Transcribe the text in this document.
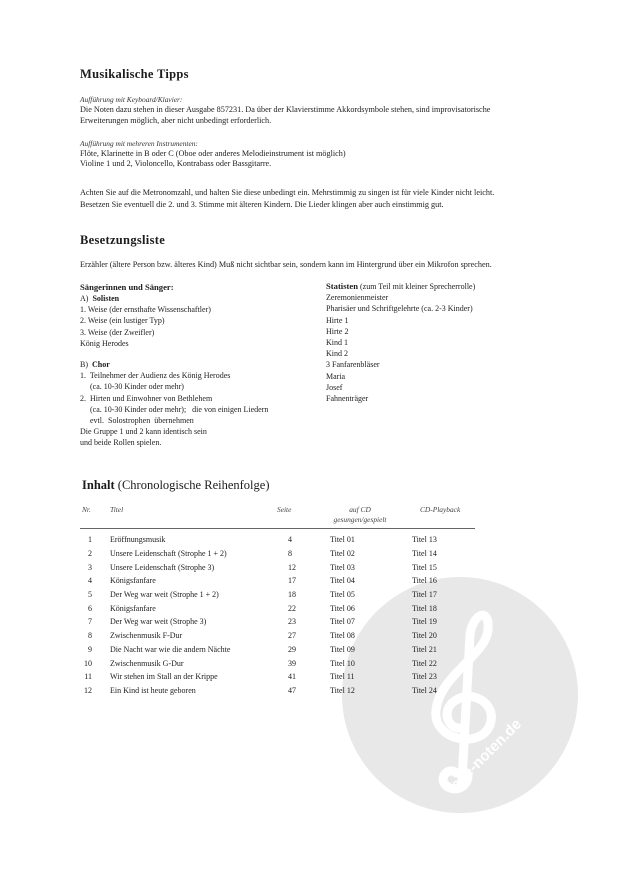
alle-noten.de
Musikalische Tipps
Aufführung mit Keyboard/Klavier:
Die Noten dazu stehen in dieser Ausgabe 857231. Da über der Klavierstimme Akkordsymbole stehen, sind improvisatorische
Erweiterungen möglich, aber nicht unbedingt erforderlich.
Aufführung mit mehreren Instrumenten:
Flöte, Klarinette in B oder C (Oboe oder anderes Melodieinstrument ist möglich)
Violine 1 und 2, Violoncello, Kontrabass oder Bassgitarre.
Achten Sie auf die Metronomzahl, und halten Sie diese unbedingt ein. Mehrstimmig zu singen ist für viele Kinder nicht leicht.
Besetzen Sie eventuell die 2. und 3. Stimme mit älteren Kindern. Die Lieder klingen aber auch einstimmig gut.
Besetzungsliste
Erzähler (ältere Person bzw. älteres Kind) Muß nicht sichtbar sein, sondern kann im Hintergrund über ein Mikrofon sprechen.
Sängerinnen und Sänger:
A) Solisten
1. Weise (der ernsthafte Wissenschaftler)
2. Weise (ein lustiger Typ)
3. Weise (der Zweifler)
König Herodes
B) Chor
1.  Teilnehmer der Audienz des König Herodes
(ca. 10-30 Kinder oder mehr)
2.  Hirten und Einwohner von Bethlehem
(ca. 10-30 Kinder oder mehr);   die von einigen Liedern
evtl.  Solostrophen  übernehmen
Die Gruppe 1 und 2 kann identisch sein
und beide Rollen spielen.
Statisten (zum Teil mit kleiner Sprecherrolle)
Zeremonienmeister
Pharisäer und Schriftgelehrte (ca. 2-3 Kinder)
Hirte 1
Hirte 2
Kind 1
Kind 2
3 Fanfarenbläser
Maria
Josef
Fahnenträger
Inhalt (Chronologische Reihenfolge)
Nr.	Titel	Seite	auf CD
gesungen/gespielt
CD-Playback
1	Eröffnungsmusik	4	Titel 01	Titel 13
2	Unsere Leidenschaft (Strophe 1 + 2)	8	Titel 02	Titel 14
3	Unsere Leidenschaft (Strophe 3)	12	Titel 03	Titel 15
4	Königsfanfare	17	Titel 04	Titel 16
5	Der Weg war weit (Strophe 1 + 2)	18	Titel 05	Titel 17
6	Königsfanfare	22	Titel 06	Titel 18
7	Der Weg war weit (Strophe 3)	23	Titel 07	Titel 19
8	Zwischenmusik F-Dur	27	Titel 08	Titel 20
9	Die Nacht war wie die andern Nächte	29	Titel 09	Titel 21
10	Zwischenmusik G-Dur	39	Titel 10	Titel 22
11	Wir stehen im Stall an der Krippe	41	Titel 11	Titel 23
12	Ein Kind ist heute geboren	47	Titel 12	Titel 24
